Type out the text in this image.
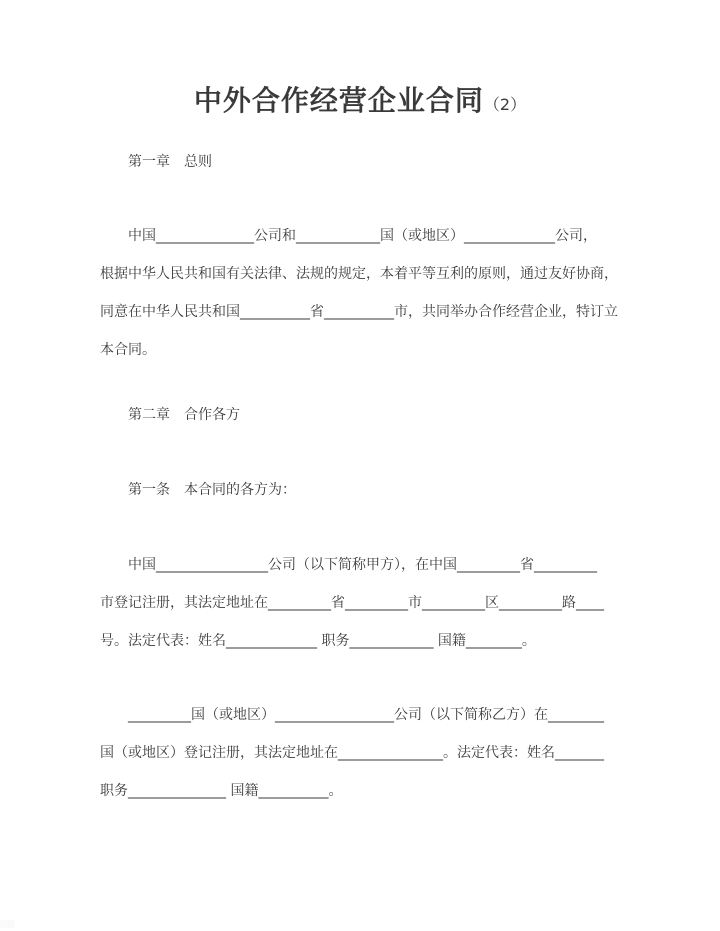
中外合作经营企业合同（2）
第一章　总则
中国______________公司和____________国（或地区）_____________公司，
根据中华人民共和国有关法律、法规的规定，本着平等互利的原则，通过友好协商，
同意在中华人民共和国__________省__________市，共同举办合作经营企业，特订立
本合同。
第二章　合作各方
第一条　本合同的各方为：
中国________________公司（以下简称甲方），在中国_________省_________
市登记注册，其法定地址在_________省_________市_________区_________路____
号。法定代表：姓名_____________ 职务____________ 国籍________。
_________国（或地区）_________________公司（以下简称乙方）在________
国（或地区）登记注册，其法定地址在_______________。法定代表：姓名_______
职务______________ 国籍__________。
